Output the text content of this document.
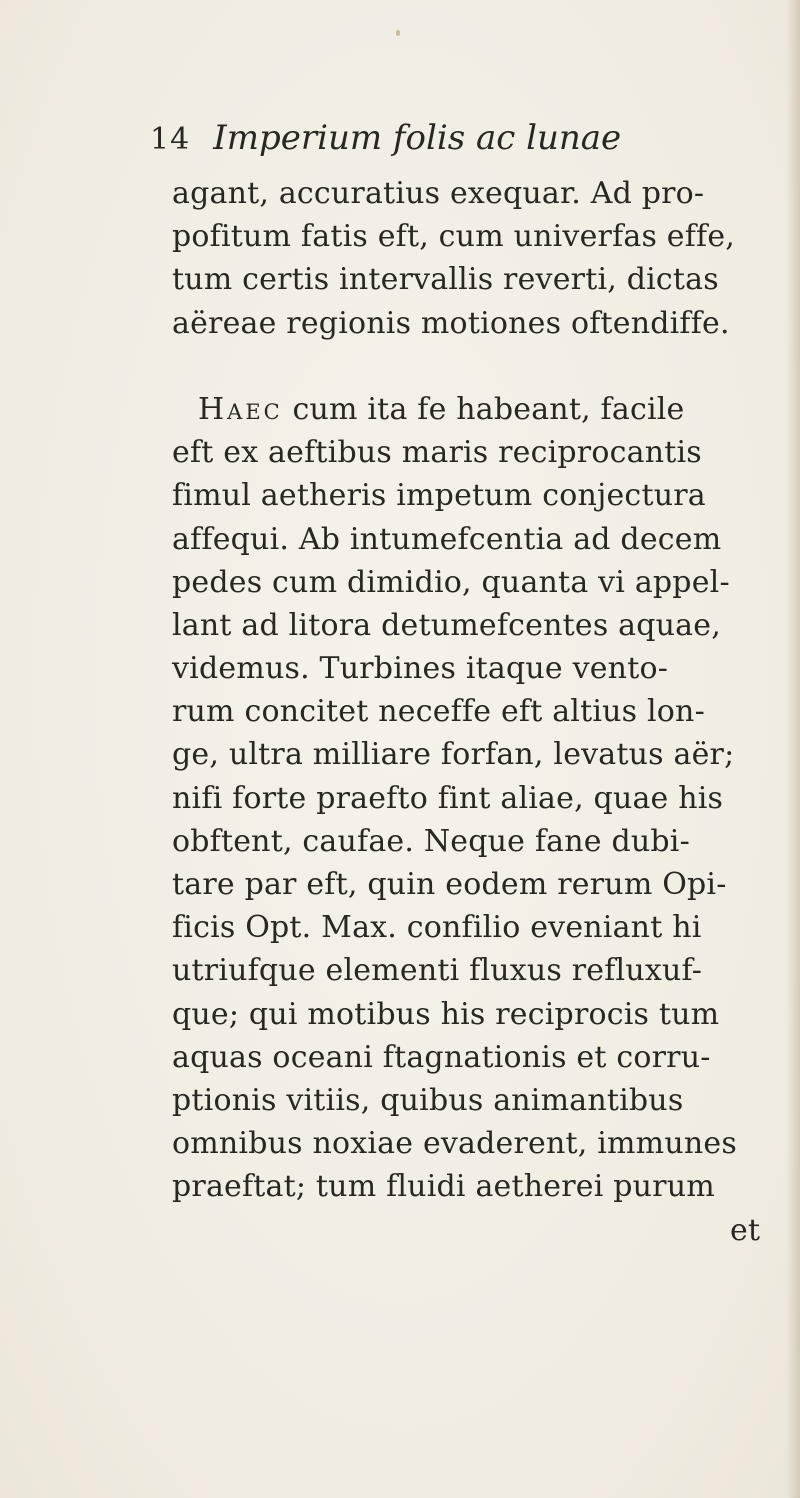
14 Imperium folis ac lunae
agant, accuratius exequar. Ad pro-
pofitum fatis eft, cum univerfas effe,
tum certis intervallis reverti, dictas
aëreae regionis motiones oftendiffe.
Haec cum ita fe habeant, facile
eft ex aeftibus maris reciprocantis
fimul aetheris impetum conjectura
affequi. Ab intumefcentia ad decem
pedes cum dimidio, quanta vi appel-
lant ad litora detumefcentes aquae,
videmus. Turbines itaque vento-
rum concitet neceffe eft altius lon-
ge, ultra milliare forfan, levatus aër;
nifi forte praefto fint aliae, quae his
obftent, caufae. Neque fane dubi-
tare par eft, quin eodem rerum Opi-
ficis Opt. Max. confilio eveniant hi
utriufque elementi fluxus refluxuf-
que; qui motibus his reciprocis tum
aquas oceani ftagnationis et corru-
ptionis vitiis, quibus animantibus
omnibus noxiae evaderent, immunes
praeftat; tum fluidi aetherei purum
et
